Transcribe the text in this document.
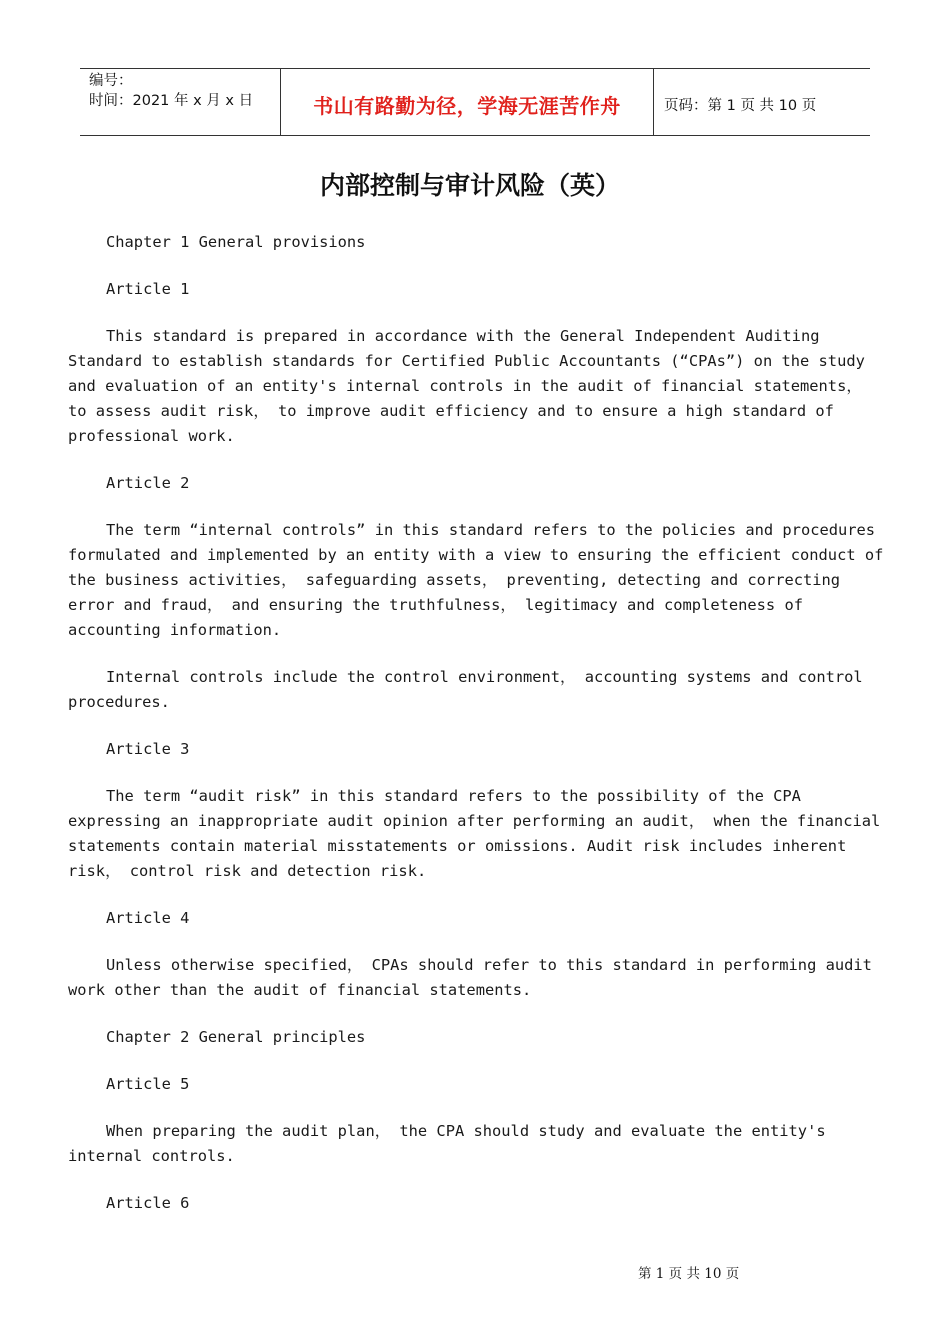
编号：
时间：2021 年 x 月 x 日	书山有路勤为径，学海无涯苦作舟	页码：第 1 页 共 10 页
内部控制与审计风险（英）

Chapter 1 General provisions

Article 1

This standard is prepared in accordance with the General Independent Auditing Standard to establish standards for Certified Public Accountants (“CPAs”) on the study and evaluation of an entity's internal controls in the audit of financial statements， to assess audit risk， to improve audit efficiency and to ensure a high standard of professional work.

Article 2

The term “internal controls” in this standard refers to the policies and procedures formulated and implemented by an entity with a view to ensuring the efficient conduct of the business activities， safeguarding assets， preventing, detecting and correcting error and fraud， and ensuring the truthfulness， legitimacy and completeness of accounting information.

Internal controls include the control environment， accounting systems and control procedures.

Article 3

The term “audit risk” in this standard refers to the possibility of the CPA expressing an inappropriate audit opinion after performing an audit， when the financial statements contain material misstatements or omissions. Audit risk includes inherent risk， control risk and detection risk.

Article 4

Unless otherwise specified， CPAs should refer to this standard in performing audit work other than the audit of financial statements.

Chapter 2 General principles

Article 5

When preparing the audit plan， the CPA should study and evaluate the entity's internal controls.

Article 6

第 1 页 共 10 页
